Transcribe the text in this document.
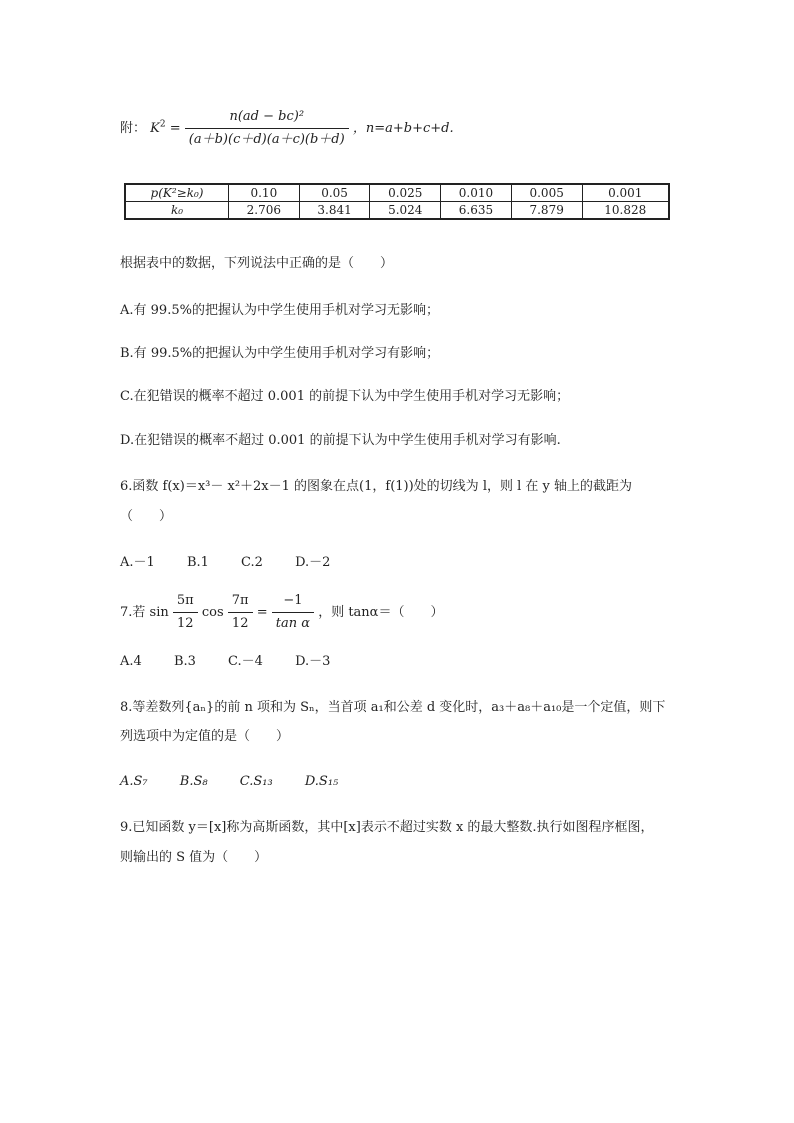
附： $K^2 = \frac{\text{n(ad − bc)²}}{(a+b)(c+d)(a+c)(b+d)}$ ，n=a+b+c+d.
p(K²≥k₀)	0.10	0.05	0.025	0.010	0.005	0.001
k₀	2.706	3.841	5.024	6.635	7.879	10.828
根据表中的数据，下列说法中正确的是（　　）
A.有 99.5%的把握认为中学生使用手机对学习无影响；
B.有 99.5%的把握认为中学生使用手机对学习有影响；
C.在犯错误的概率不超过 0.001 的前提下认为中学生使用手机对学习无影响；
D.在犯错误的概率不超过 0.001 的前提下认为中学生使用手机对学习有影响.
6.函数 f(x)＝x³－ x²＋2x－1 的图象在点(1，f(1))处的切线为 l，则 l 在 y 轴上的截距为
（　　）
A.－1 B.1 C.2 D.－2
7.若 $\sin \frac{5\pi}{12}$ $\cos \frac{7\pi}{12} = \frac{-1}{\text{tan α}}$ ，则 tanα＝（　　）
A.4 B.3 C.－4 D.－3
8.等差数列{aₙ}的前 n 项和为 Sₙ，当首项 a₁和公差 d 变化时，a₃＋a₈＋a₁₀是一个定值，则下
列选项中为定值的是（　　）
A.S₇ B.S₈ C.S₁₃ D.S₁₅
9.已知函数 y＝[x]称为高斯函数，其中[x]表示不超过实数 x 的最大整数.执行如图程序框图，
则输出的 S 值为（　　）
